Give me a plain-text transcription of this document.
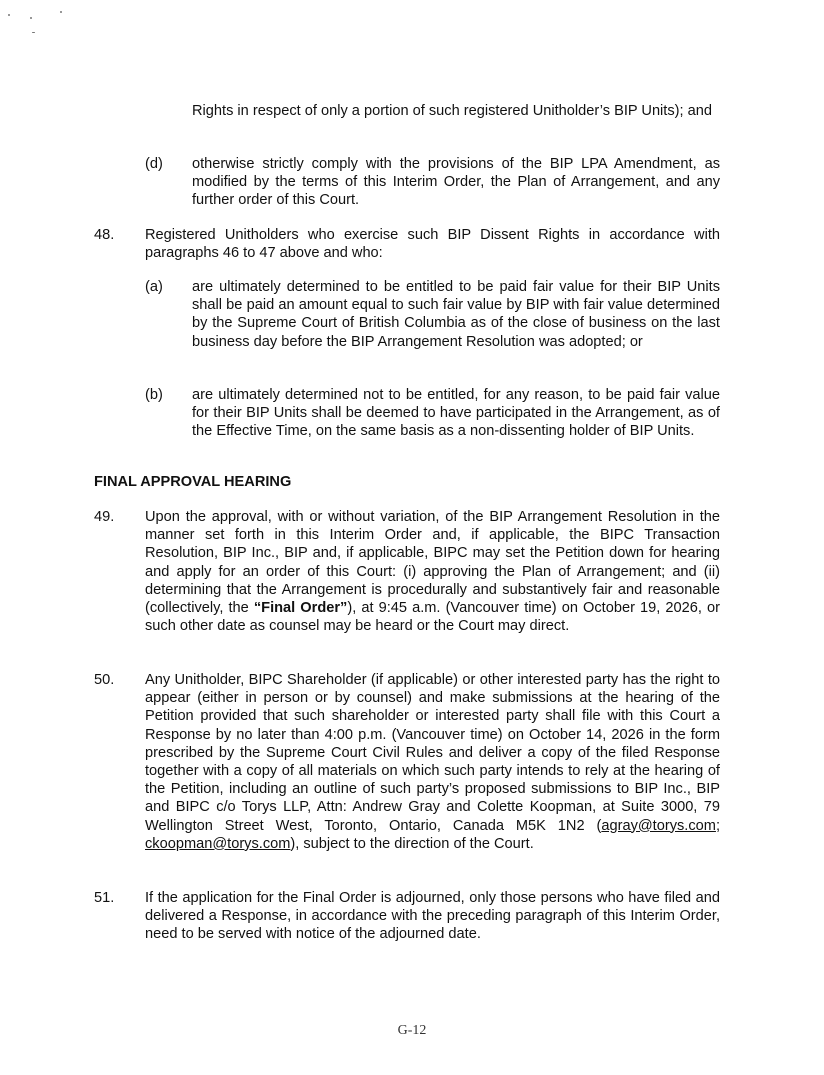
Rights in respect of only a portion of such registered Unitholder’s BIP Units); and
(d) otherwise strictly comply with the provisions of the BIP LPA Amendment, as modified by the terms of this Interim Order, the Plan of Arrangement, and any further order of this Court.
48. Registered Unitholders who exercise such BIP Dissent Rights in accordance with paragraphs 46 to 47 above and who:
(a) are ultimately determined to be entitled to be paid fair value for their BIP Units shall be paid an amount equal to such fair value by BIP with fair value determined by the Supreme Court of British Columbia as of the close of business on the last business day before the BIP Arrangement Resolution was adopted; or
(b) are ultimately determined not to be entitled, for any reason, to be paid fair value for their BIP Units shall be deemed to have participated in the Arrangement, as of the Effective Time, on the same basis as a non-dissenting holder of BIP Units.
FINAL APPROVAL HEARING
49. Upon the approval, with or without variation, of the BIP Arrangement Resolution in the manner set forth in this Interim Order and, if applicable, the BIPC Transaction Resolution, BIP Inc., BIP and, if applicable, BIPC may set the Petition down for hearing and apply for an order of this Court: (i) approving the Plan of Arrangement; and (ii) determining that the Arrangement is procedurally and substantively fair and reasonable (collectively, the “Final Order”), at 9:45 a.m. (Vancouver time) on October 19, 2026, or such other date as counsel may be heard or the Court may direct.
50. Any Unitholder, BIPC Shareholder (if applicable) or other interested party has the right to appear (either in person or by counsel) and make submissions at the hearing of the Petition provided that such shareholder or interested party shall file with this Court a Response by no later than 4:00 p.m. (Vancouver time) on October 14, 2026 in the form prescribed by the Supreme Court Civil Rules and deliver a copy of the filed Response together with a copy of all materials on which such party intends to rely at the hearing of the Petition, including an outline of such party’s proposed submissions to BIP Inc., BIP and BIPC c/o Torys LLP, Attn: Andrew Gray and Colette Koopman, at Suite 3000, 79 Wellington Street West, Toronto, Ontario, Canada M5K 1N2 (agray@torys.com; ckoopman@torys.com), subject to the direction of the Court.
51. If the application for the Final Order is adjourned, only those persons who have filed and delivered a Response, in accordance with the preceding paragraph of this Interim Order, need to be served with notice of the adjourned date.
G-12
